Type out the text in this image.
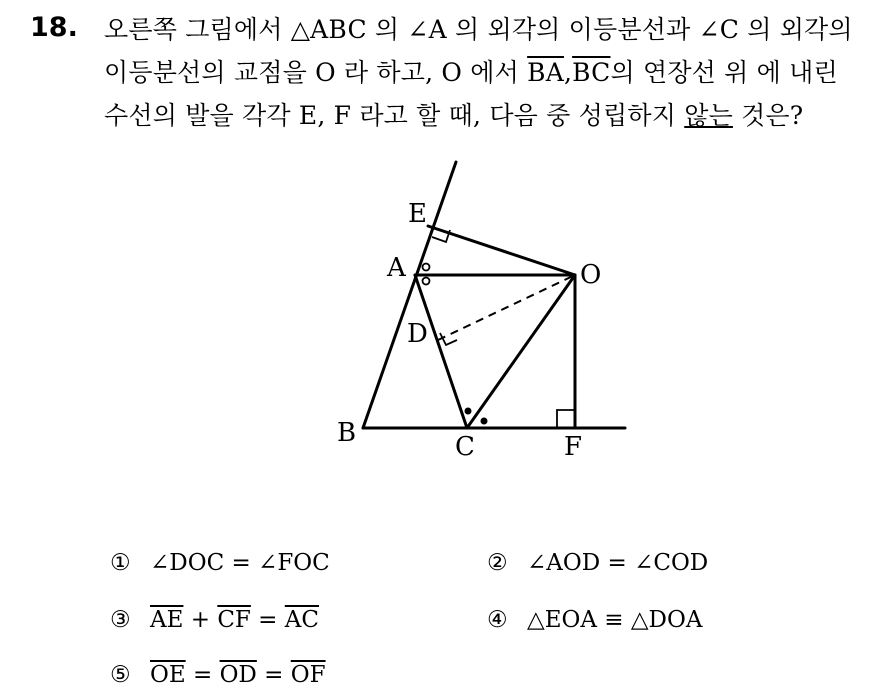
18. 오른쪽 그림에서 △ABC 의 ∠A 의 외각의 이등분선과 ∠C 의 외각의
이등분선의 교점을 O 라 하고, O 에서 $\overline{BA},\overline{BC}$의 연장선 위 에 내린
수선의 발을 각각 E, F 라고 할 때, 다음 중 성립하지 않는 것은?
E
A	O
D
B	C	F
① ∠DOC = ∠FOC	② ∠AOD = ∠COD
③ $\overline{AE} + \overline{CF} = \overline{AC}$	④ △EOA ≡ △DOA
⑤ $\overline{OE} = \overline{OD} = \overline{OF}$
